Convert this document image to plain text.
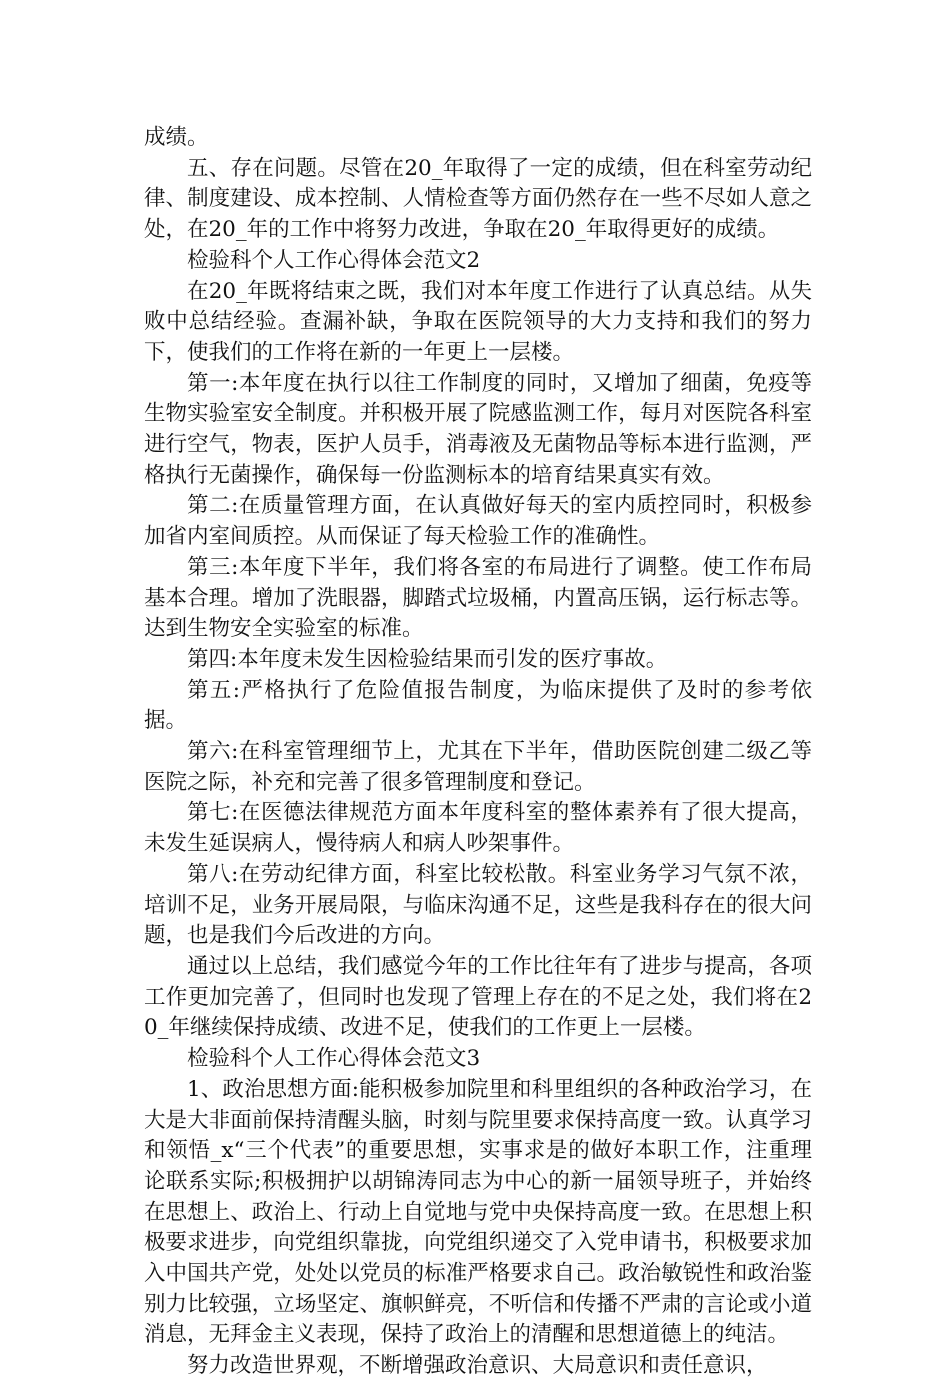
成绩。

五、存在问题。尽管在20_年取得了一定的成绩，但在科室劳动纪律、制度建设、成本控制、人情检查等方面仍然存在一些不尽如人意之处，在20_年的工作中将努力改进，争取在20_年取得更好的成绩。

检验科个人工作心得体会范文2

在20_年既将结束之既，我们对本年度工作进行了认真总结。从失败中总结经验。查漏补缺，争取在医院领导的大力支持和我们的努力下，使我们的工作将在新的一年更上一层楼。

第一:本年度在执行以往工作制度的同时，又增加了细菌，免疫等生物实验室安全制度。并积极开展了院感监测工作，每月对医院各科室进行空气，物表，医护人员手，消毒液及无菌物品等标本进行监测，严格执行无菌操作，确保每一份监测标本的培育结果真实有效。

第二:在质量管理方面，在认真做好每天的室内质控同时，积极参加省内室间质控。从而保证了每天检验工作的准确性。

第三:本年度下半年，我们将各室的布局进行了调整。使工作布局基本合理。增加了洗眼器，脚踏式垃圾桶，内置高压锅，运行标志等。达到生物安全实验室的标准。

第四:本年度未发生因检验结果而引发的医疗事故。

第五:严格执行了危险值报告制度，为临床提供了及时的参考依据。

第六:在科室管理细节上，尤其在下半年，借助医院创建二级乙等医院之际，补充和完善了很多管理制度和登记。

第七:在医德法律规范方面本年度科室的整体素养有了很大提高，未发生延误病人，慢待病人和病人吵架事件。

第八:在劳动纪律方面，科室比较松散。科室业务学习气氛不浓，培训不足，业务开展局限，与临床沟通不足，这些是我科存在的很大问题，也是我们今后改进的方向。

通过以上总结，我们感觉今年的工作比往年有了进步与提高，各项工作更加完善了，但同时也发现了管理上存在的不足之处，我们将在20_年继续保持成绩、改进不足，使我们的工作更上一层楼。

检验科个人工作心得体会范文3

1、政治思想方面:能积极参加院里和科里组织的各种政治学习，在大是大非面前保持清醒头脑，时刻与院里要求保持高度一致。认真学习和领悟_x“三个代表”的重要思想，实事求是的做好本职工作，注重理论联系实际;积极拥护以胡锦涛同志为中心的新一届领导班子，并始终在思想上、政治上、行动上自觉地与党中央保持高度一致。在思想上积极要求进步，向党组织靠拢，向党组织递交了入党申请书，积极要求加入中国共产党，处处以党员的标准严格要求自己。政治敏锐性和政治鉴别力比较强，立场坚定、旗帜鲜亮，不听信和传播不严肃的言论或小道消息，无拜金主义表现，保持了政治上的清醒和思想道德上的纯洁。

努力改造世界观，不断增强政治意识、大局意识和责任意识，
